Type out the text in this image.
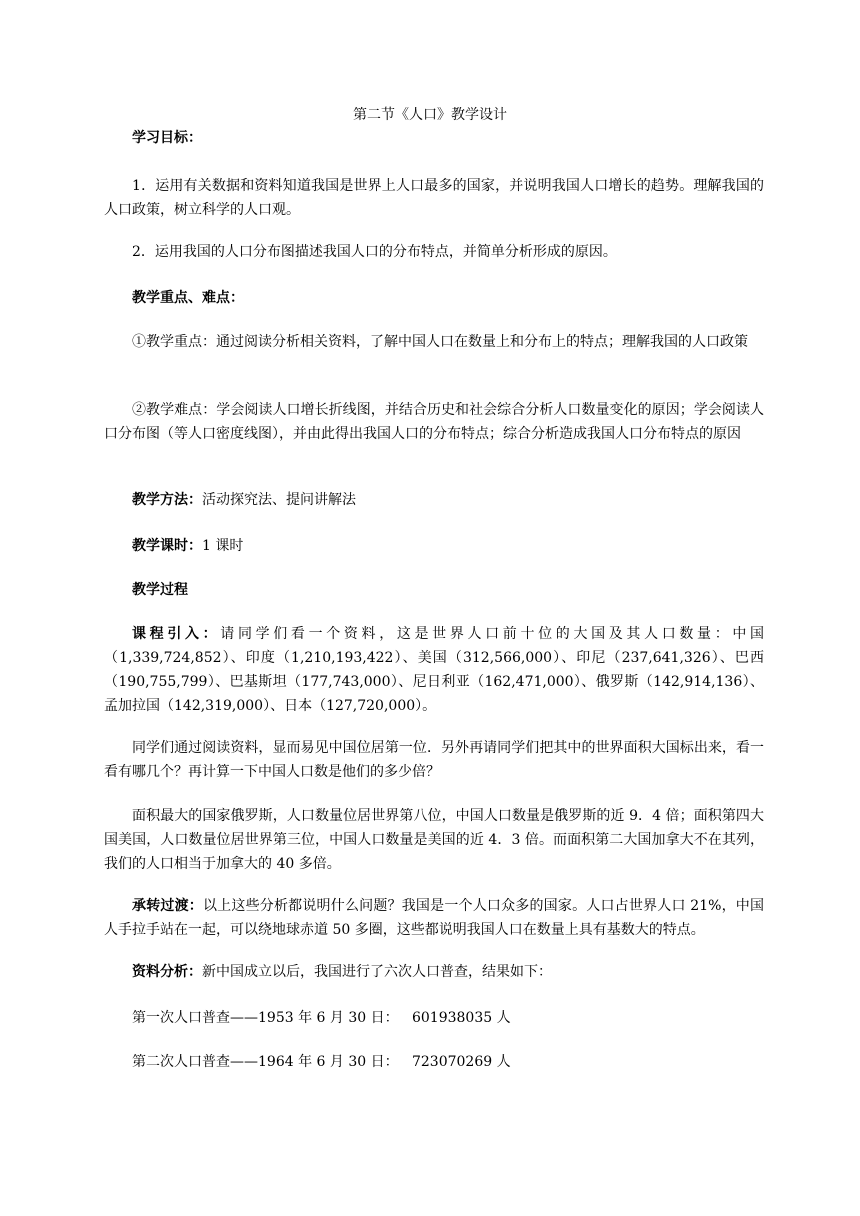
第二节《人口》教学设计
学习目标：
1．运用有关数据和资料知道我国是世界上人口最多的国家，并说明我国人口增长的趋势。理解我国的人口政策，树立科学的人口观。
2．运用我国的人口分布图描述我国人口的分布特点，并简单分析形成的原因。
教学重点、难点：
①教学重点：通过阅读分析相关资料，了解中国人口在数量上和分布上的特点；理解我国的人口政策
②教学难点：学会阅读人口增长折线图，并结合历史和社会综合分析人口数量变化的原因；学会阅读人口分布图（等人口密度线图），并由此得出我国人口的分布特点；综合分析造成我国人口分布特点的原因
教学方法：活动探究法、提问讲解法
教学课时：1 课时
教学过程
课程引入：请同学们看一个资料，这是世界人口前十位的大国及其人口数量：中国（1,339,724,852）、印度（1,210,193,422）、美国（312,566,000）、印尼（237,641,326）、巴西（190,755,799）、巴基斯坦（177,743,000）、尼日利亚（162,471,000）、俄罗斯（142,914,136）、孟加拉国（142,319,000）、日本（127,720,000）。
同学们通过阅读资料，显而易见中国位居第一位．另外再请同学们把其中的世界面积大国标出来，看一看有哪几个？再计算一下中国人口数是他们的多少倍？
面积最大的国家俄罗斯，人口数量位居世界第八位，中国人口数量是俄罗斯的近 9．4 倍；面积第四大国美国，人口数量位居世界第三位，中国人口数量是美国的近 4．3 倍。而面积第二大国加拿大不在其列，我们的人口相当于加拿大的 40 多倍。
承转过渡：以上这些分析都说明什么问题？我国是一个人口众多的国家。人口占世界人口 21%，中国人手拉手站在一起，可以绕地球赤道 50 多圈，这些都说明我国人口在数量上具有基数大的特点。
资料分析：新中国成立以后，我国进行了六次人口普查，结果如下：
第一次人口普查——1953 年 6 月 30 日： 601938035 人
第二次人口普查——1964 年 6 月 30 日： 723070269 人
